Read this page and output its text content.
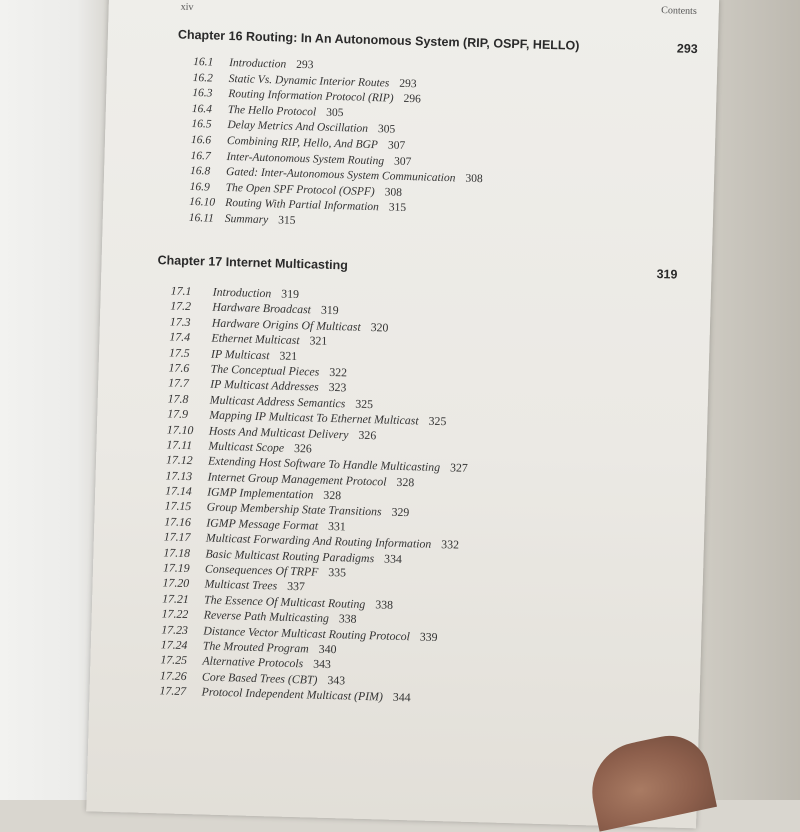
xiv	Contents
Chapter 16 Routing: In An Autonomous System (RIP, OSPF, HELLO)	293
16.1 Introduction 293
16.2 Static Vs. Dynamic Interior Routes 293
16.3 Routing Information Protocol (RIP) 296
16.4 The Hello Protocol 305
16.5 Delay Metrics And Oscillation 305
16.6 Combining RIP, Hello, And BGP 307
16.7 Inter-Autonomous System Routing 307
16.8 Gated: Inter-Autonomous System Communication 308
16.9 The Open SPF Protocol (OSPF) 308
16.10 Routing With Partial Information 315
16.11 Summary 315
Chapter 17 Internet Multicasting
319
17.1 Introduction 319
17.2 Hardware Broadcast 319
17.3 Hardware Origins Of Multicast 320
17.4 Ethernet Multicast 321
17.5 IP Multicast 321
17.6 The Conceptual Pieces 322
17.7 IP Multicast Addresses 323
17.8 Multicast Address Semantics 325
17.9 Mapping IP Multicast To Ethernet Multicast 325
17.10 Hosts And Multicast Delivery 326
17.11 Multicast Scope 326
17.12 Extending Host Software To Handle Multicasting 327
17.13 Internet Group Management Protocol 328
17.14 IGMP Implementation 328
17.15 Group Membership State Transitions 329
17.16 IGMP Message Format 331
17.17 Multicast Forwarding And Routing Information 332
17.18 Basic Multicast Routing Paradigms 334
17.19 Consequences Of TRPF 335
17.20 Multicast Trees 337
17.21 The Essence Of Multicast Routing 338
17.22 Reverse Path Multicasting 338
17.23 Distance Vector Multicast Routing Protocol 339
17.24 The Mrouted Program 340
17.25 Alternative Protocols 343
17.26 Core Based Trees (CBT) 343
17.27 Protocol Independent Multicast (PIM) 344
